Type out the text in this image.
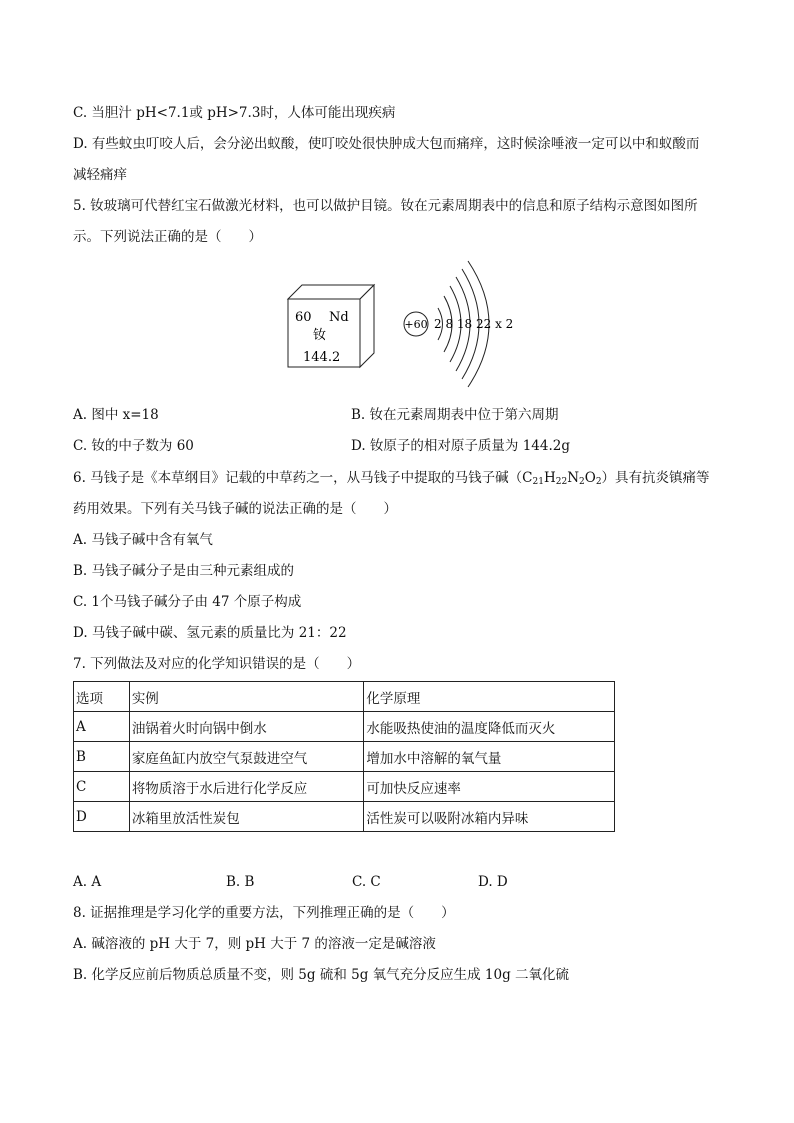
C. 当胆汁 pH<7.1或 pH>7.3时，人体可能出现疾病
D. 有些蚊虫叮咬人后，会分泌出蚁酸，使叮咬处很快肿成大包而痛痒，这时候涂唾液一定可以中和蚁酸而
减轻痛痒
5. 钕玻璃可代替红宝石做激光材料，也可以做护目镜。钕在元素周期表中的信息和原子结构示意图如图所
示。下列说法正确的是（　　）
60 Nd
钕
144.2
+60 2 8 18 22 x 2
A. 图中 x=18	B. 钕在元素周期表中位于第六周期
C. 钕的中子数为 60	D. 钕原子的相对原子质量为 144.2g
6. 马钱子是《本草纲目》记载的中草药之一，从马钱子中提取的马钱子碱$(C_{21}H_{22}N_2O_2)$具有抗炎镇痛等
药用效果。下列有关马钱子碱的说法正确的是（　　）
A. 马钱子碱中含有氧气
B. 马钱子碱分子是由三种元素组成的
C. 1个马钱子碱分子由 47 个原子构成
D. 马钱子碱中碳、氢元素的质量比为 21：22
7. 下列做法及对应的化学知识错误的是（　　）
选项	实例	化学原理
A	油锅着火时向锅中倒水	水能吸热使油的温度降低而灭火
B	家庭鱼缸内放空气泵鼓进空气	增加水中溶解的氧气量
C	将物质溶于水后进行化学反应	可加快反应速率
D	冰箱里放活性炭包	活性炭可以吸附冰箱内异味
A. A	B. B	C. C	D. D
8. 证据推理是学习化学的重要方法，下列推理正确的是（　　）
A. 碱溶液的 pH 大于 7，则 pH 大于 7 的溶液一定是碱溶液
B. 化学反应前后物质总质量不变，则 5g 硫和 5g 氧气充分反应生成 10g 二氧化硫
